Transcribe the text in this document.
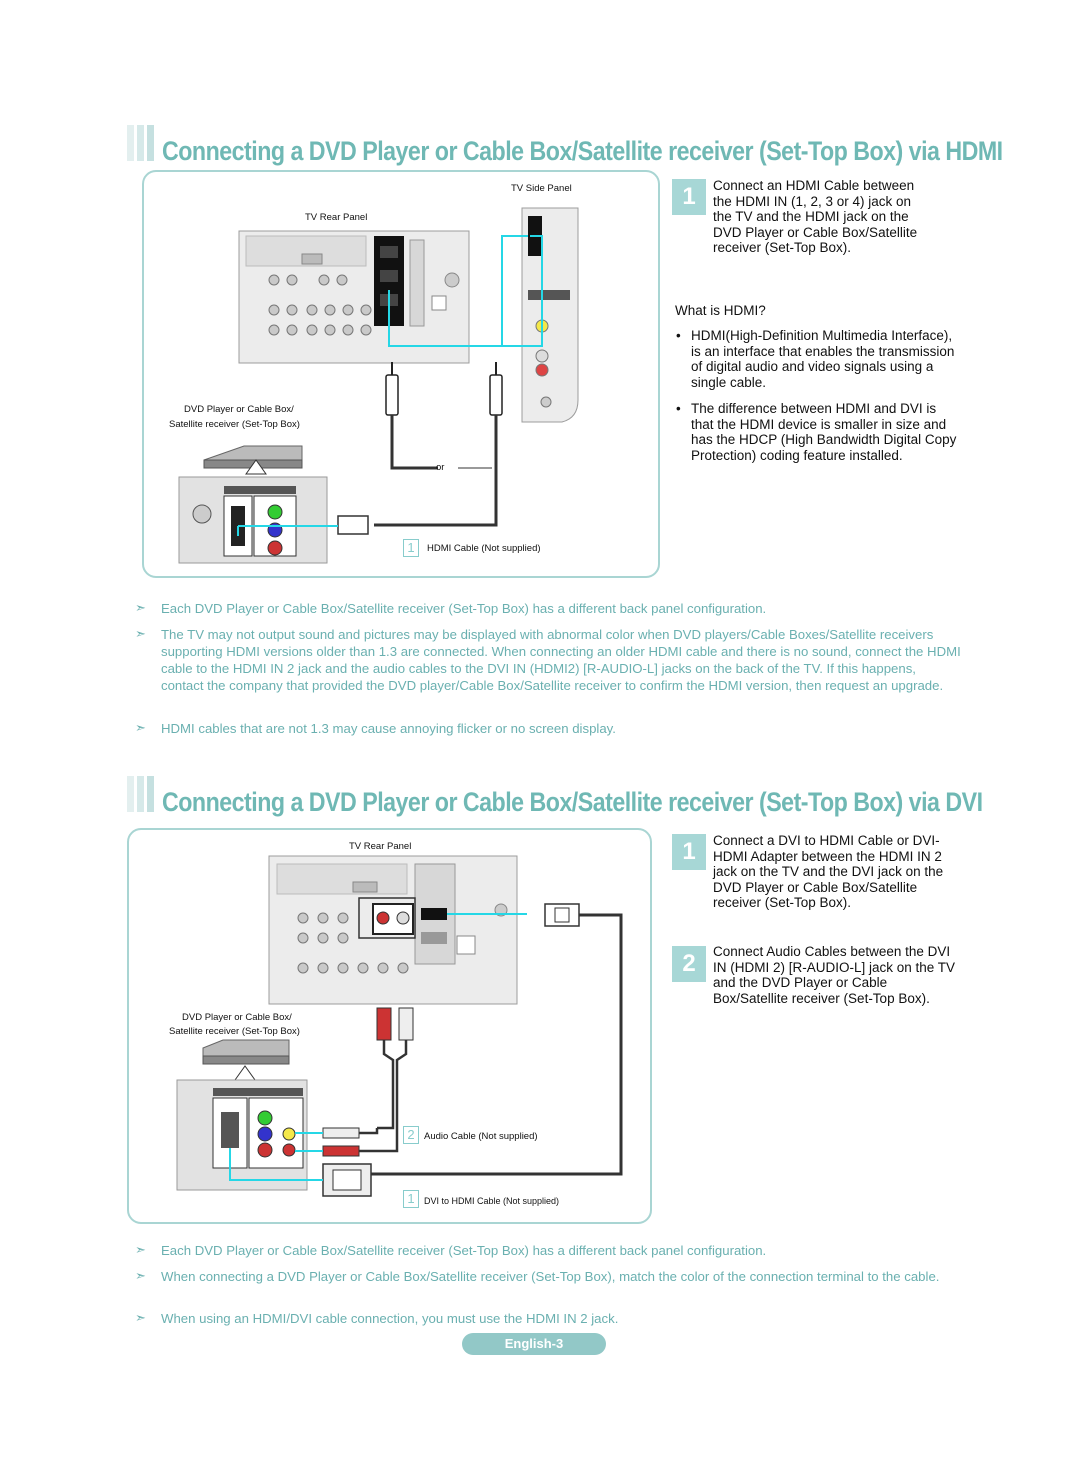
Connecting a DVD Player or Cable Box/Satellite receiver (Set-Top Box) via HDMI
TV Side Panel
TV Rear Panel
DVD Player or Cable Box/
Satellite receiver (Set-Top Box)
or
1	HDMI Cable (Not supplied)
1	Connect an HDMI Cable between the HDMI IN (1, 2, 3 or 4) jack on the TV and the HDMI jack on the DVD Player or Cable Box/Satellite receiver (Set-Top Box).
What is HDMI?
• HDMI(High-Definition Multimedia Interface), is an interface that enables the transmission of digital audio and video signals using a single cable.
• The difference between HDMI and DVI is that the HDMI device is smaller in size and has the HDCP (High Bandwidth Digital Copy Protection) coding feature installed.
➣ Each DVD Player or Cable Box/Satellite receiver (Set-Top Box) has a different back panel configuration.
➣ The TV may not output sound and pictures may be displayed with abnormal color when DVD players/Cable Boxes/Satellite receivers supporting HDMI versions older than 1.3 are connected. When connecting an older HDMI cable and there is no sound, connect the HDMI cable to the HDMI IN 2 jack and the audio cables to the DVI IN (HDMI2) [R-AUDIO-L] jacks on the back of the TV. If this happens, contact the company that provided the DVD player/Cable Box/Satellite receiver to confirm the HDMI version, then request an upgrade.
➣ HDMI cables that are not 1.3 may cause annoying flicker or no screen display.
Connecting a DVD Player or Cable Box/Satellite receiver (Set-Top Box) via DVI
TV Rear Panel
DVD Player or Cable Box/
Satellite receiver (Set-Top Box)
2 Audio Cable (Not supplied)
1	DVI to HDMI Cable (Not supplied)
1	Connect a DVI to HDMI Cable or DVI-HDMI Adapter between the HDMI IN 2 jack on the TV and the DVI jack on the DVD Player or Cable Box/Satellite receiver (Set-Top Box).
2	Connect Audio Cables between the DVI IN (HDMI 2) [R-AUDIO-L] jack on the TV and the DVD Player or Cable Box/Satellite receiver (Set-Top Box).
➣ Each DVD Player or Cable Box/Satellite receiver (Set-Top Box) has a different back panel configuration.
➣ When connecting a DVD Player or Cable Box/Satellite receiver (Set-Top Box), match the color of the connection terminal to the cable.
➣ When using an HDMI/DVI cable connection, you must use the HDMI IN 2 jack.
English-3
